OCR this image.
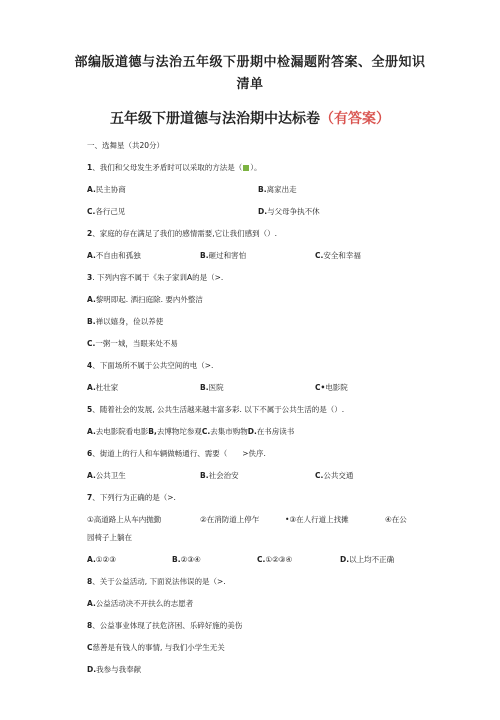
部编版道德与法治五年级下册期中检漏题附答案、全册知识
清单
五年级下册道德与法治期中达标卷（有答案）
一、选舞星（共20分）
1、我们和父母发生矛盾时可以采取的方法是（ ）。
A.民主协商	B.离家出走
C.各行己见	D.与父母争执不休
2、家庭的存在满足了我们的感情需要,它让我们感到（）.
A.不自由和孤独	B.砸过和害怕	C.安全和幸福
3. 下列内容不属于《朱子家训A的是（>.
A.黎明即起. 洒扫庭除. 要内外整洁
B.禅以嬉身，俭以养使
C.一粥一城，当眼来处不易
4、下面场所不属于公共空间的电（>.
A.杜壮家	B.医院	C•电影院
5、随着社会的发展, 公共生活越来越丰富多彩. 以下不属于公共生活的是（）.
A.去电影院看电影B,去博物坨参观C.去集市购物D.在书房读书
6、街道上的行人和车辆做畅通行、需要（　　>佚序.
A.公共卫生	B.社会治安	C.公共交通
7、下列行为正确的是（>.
①高道路上从车内抛勤	②在消防道上停乍	•③在人行道上找摊	④在公
园椅子上躺在
A.①②③	B.②③④	C.①②③④	D.以上均不正确
8、关于公益活动, 下面说法伟误的是（>.
A.公益活动决不开扶么的志愿者
8、公益事业体现了扶危济困、乐碎好施的美伤
C慈善是有钱人的事情, 与我们小学生无关
D.我参与我奉献
